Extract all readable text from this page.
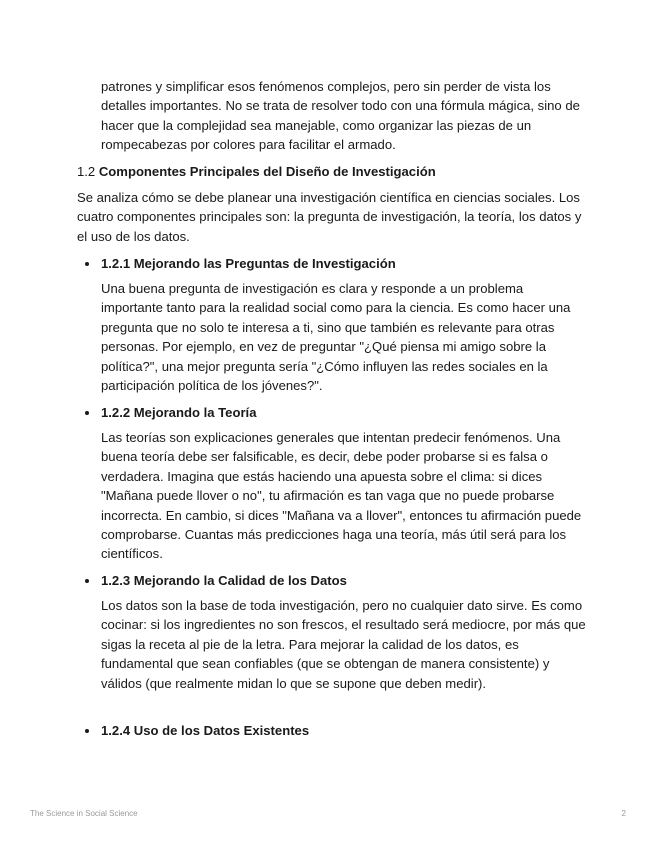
patrones y simplificar esos fenómenos complejos, pero sin perder de vista los detalles importantes. No se trata de resolver todo con una fórmula mágica, sino de hacer que la complejidad sea manejable, como organizar las piezas de un rompecabezas por colores para facilitar el armado.

1.2 Componentes Principales del Diseño de Investigación

Se analiza cómo se debe planear una investigación científica en ciencias sociales. Los cuatro componentes principales son: la pregunta de investigación, la teoría, los datos y el uso de los datos.

1.2.1 Mejorando las Preguntas de Investigación

Una buena pregunta de investigación es clara y responde a un problema importante tanto para la realidad social como para la ciencia. Es como hacer una pregunta que no solo te interesa a ti, sino que también es relevante para otras personas. Por ejemplo, en vez de preguntar "¿Qué piensa mi amigo sobre la política?", una mejor pregunta sería "¿Cómo influyen las redes sociales en la participación política de los jóvenes?".

1.2.2 Mejorando la Teoría

Las teorías son explicaciones generales que intentan predecir fenómenos. Una buena teoría debe ser falsificable, es decir, debe poder probarse si es falsa o verdadera. Imagina que estás haciendo una apuesta sobre el clima: si dices "Mañana puede llover o no", tu afirmación es tan vaga que no puede probarse incorrecta. En cambio, si dices "Mañana va a llover", entonces tu afirmación puede comprobarse. Cuantas más predicciones haga una teoría, más útil será para los científicos.

1.2.3 Mejorando la Calidad de los Datos

Los datos son la base de toda investigación, pero no cualquier dato sirve. Es como cocinar: si los ingredientes no son frescos, el resultado será mediocre, por más que sigas la receta al pie de la letra. Para mejorar la calidad de los datos, es fundamental que sean confiables (que se obtengan de manera consistente) y válidos (que realmente midan lo que se supone que deben medir).

1.2.4 Uso de los Datos Existentes

The Science in Social Science	2
